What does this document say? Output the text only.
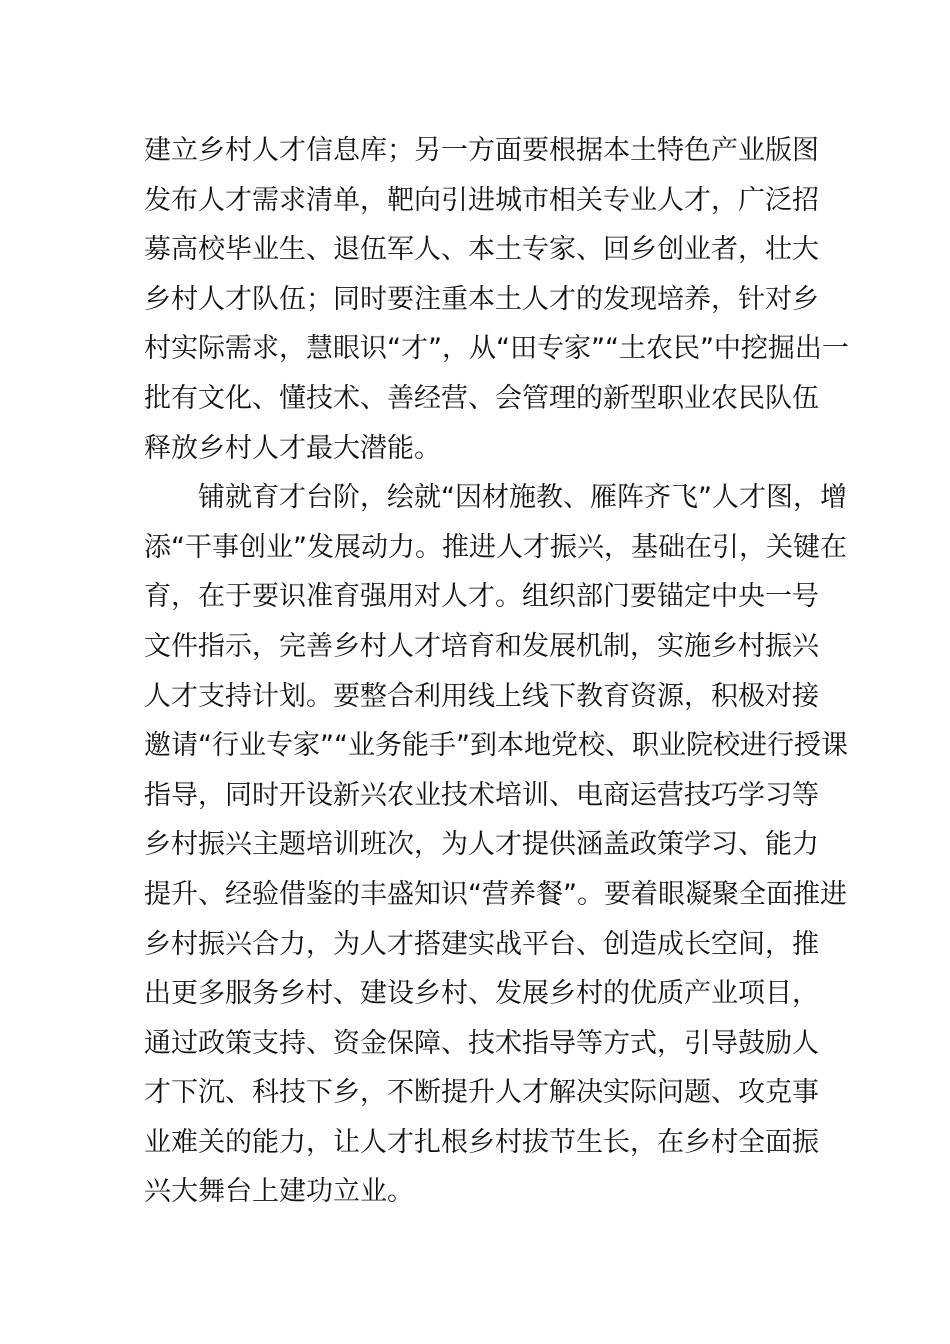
建立乡村人才信息库；另一方面要根据本土特色产业版图
发布人才需求清单，靶向引进城市相关专业人才，广泛招
募高校毕业生、退伍军人、本土专家、回乡创业者，壮大
乡村人才队伍；同时要注重本土人才的发现培养，针对乡
村实际需求，慧眼识“才”，从“田专家”“土农民”中挖掘出一
批有文化、懂技术、善经营、会管理的新型职业农民队伍
释放乡村人才最大潜能。
铺就育才台阶，绘就“因材施教、雁阵齐飞”人才图，增
添“干事创业”发展动力。推进人才振兴，基础在引，关键在
育，在于要识准育强用对人才。组织部门要锚定中央一号
文件指示，完善乡村人才培育和发展机制，实施乡村振兴
人才支持计划。要整合利用线上线下教育资源，积极对接
邀请“行业专家”“业务能手”到本地党校、职业院校进行授课
指导，同时开设新兴农业技术培训、电商运营技巧学习等
乡村振兴主题培训班次，为人才提供涵盖政策学习、能力
提升、经验借鉴的丰盛知识“营养餐”。要着眼凝聚全面推进
乡村振兴合力，为人才搭建实战平台、创造成长空间，推
出更多服务乡村、建设乡村、发展乡村的优质产业项目，
通过政策支持、资金保障、技术指导等方式，引导鼓励人
才下沉、科技下乡，不断提升人才解决实际问题、攻克事
业难关的能力，让人才扎根乡村拔节生长，在乡村全面振
兴大舞台上建功立业。
